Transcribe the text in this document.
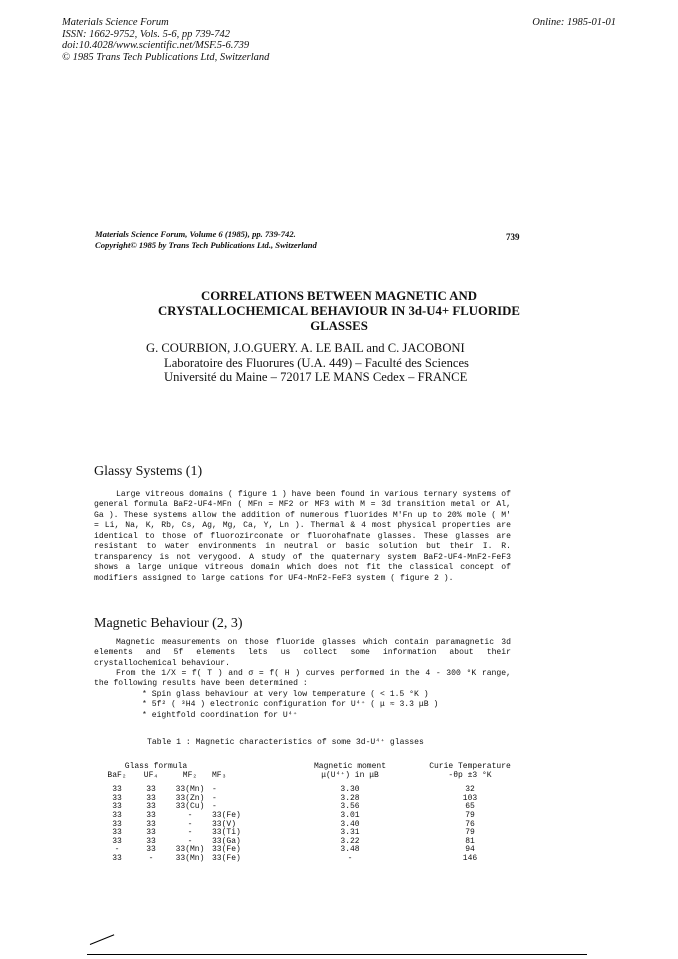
Materials Science Forum
ISSN: 1662-9752, Vols. 5-6, pp 739-742
doi:10.4028/www.scientific.net/MSF.5-6.739
© 1985 Trans Tech Publications Ltd, Switzerland
Online: 1985-01-01
Materials Science Forum, Volume 6 (1985), pp. 739-742.
Copyright© 1985 by Trans Tech Publications Ltd., Switzerland
739
CORRELATIONS BETWEEN MAGNETIC AND
CRYSTALLOCHEMICAL BEHAVIOUR IN 3d-U4+ FLUORIDE
GLASSES
G. COURBION, J.O.GUERY. A. LE BAIL and C. JACOBONI
Laboratoire des Fluorures (U.A. 449) – Faculté des Sciences
Université du Maine – 72017 LE MANS Cedex – FRANCE
Glassy Systems (1)

Large vitreous domains ( figure 1 ) have been found in various ternary systems of general formula BaF2-UF4-MFn ( MFn = MF2 or MF3 with M = 3d transition metal or Al, Ga ). These systems allow the addition of numerous fluorides M'Fn up to 20% mole ( M' = Li, Na, K, Rb, Cs, Ag, Mg, Ca, Y, Ln ). Thermal & 4 most physical properties are identical to those of fluorozirconate or fluorohafnate glasses. These glasses are resistant to water environments in neutral or basic solution but their I. R. transparency is not verygood. A study of the quaternary system BaF2-UF4-MnF2-FeF3 shows a large unique vitreous domain which does not fit the classical concept of modifiers assigned to large cations for UF4-MnF2-FeF3 system ( figure 2 ).

Magnetic Behaviour (2, 3)

Magnetic measurements on those fluoride glasses which contain paramagnetic 3d elements and 5f elements lets us collect some information about their crystallochemical behaviour.

From the 1/X = f( T ) and σ = f( H ) curves performed in the 4 - 300 °K range, the following results have been determined :

* Spin glass behaviour at very low temperature ( < 1.5 °K )
* 5f² ( ³H4 ) electronic configuration for U⁴⁺ ( μ ≈ 3.3 μB )
* eightfold coordination for U⁴⁺
Table 1 : Magnetic characteristics of some 3d-U⁴⁺ glasses
Glass formula				Magnetic moment	Curie Temperature
BaF₂	UF₄	MF₂	MF₃	μ(U⁴⁺) in μB	-θp ±3 °K

33	33	33(Mn)	-	3.30	32
33	33	33(Zn)	-	3.28	103
33	33	33(Cu)	-	3.56	65
33	33	-	33(Fe)	3.01	79
33	33	-	33(V)	3.40	76
33	33	-	33(Ti)	3.31	79
33	33	-	33(Ga)	3.22	81
-	33	33(Mn)	33(Fe)	3.48	94
33	-	33(Mn)	33(Fe)	-	146
